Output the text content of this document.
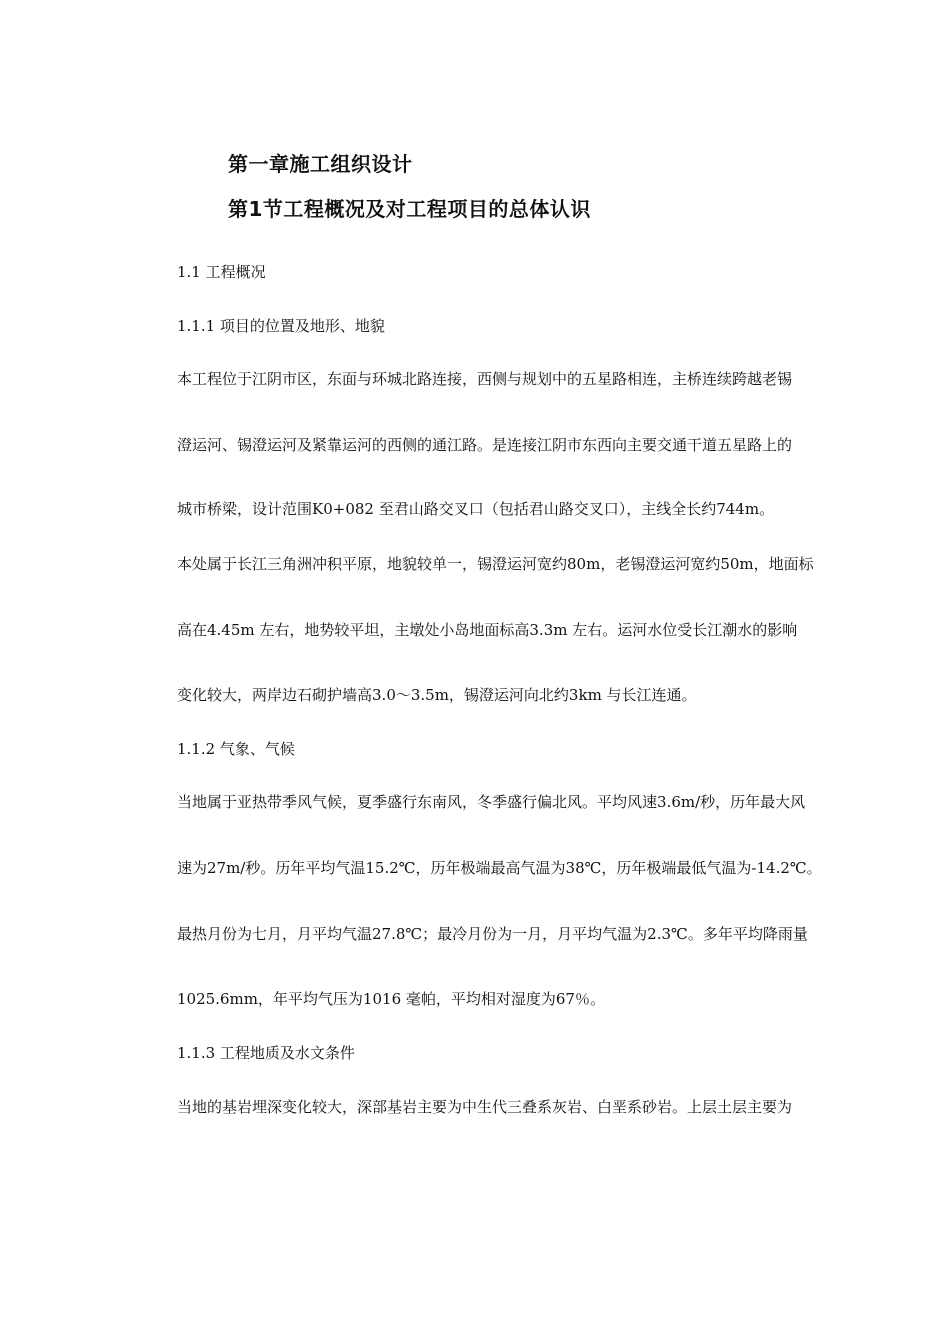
第一章施工组织设计
第1节工程概况及对工程项目的总体认识
1.1 工程概况
1.1.1 项目的位置及地形、地貌
本工程位于江阴市区，东面与环城北路连接，西侧与规划中的五星路相连，主桥连续跨越老锡
澄运河、锡澄运河及紧靠运河的西侧的通江路。是连接江阴市东西向主要交通干道五星路上的
城市桥梁，设计范围K0+082 至君山路交叉口（包括君山路交叉口），主线全长约744m。
本处属于长江三角洲冲积平原，地貌较单一，锡澄运河宽约80m，老锡澄运河宽约50m，地面标
高在4.45m 左右，地势较平坦，主墩处小岛地面标高3.3m 左右。运河水位受长江潮水的影响
变化较大，两岸边石砌护墙高3.0～3.5m，锡澄运河向北约3km 与长江连通。
1.1.2 气象、气候
当地属于亚热带季风气候，夏季盛行东南风，冬季盛行偏北风。平均风速3.6m/秒，历年最大风
速为27m/秒。历年平均气温15.2℃，历年极端最高气温为38℃，历年极端最低气温为-14.2℃。
最热月份为七月，月平均气温27.8℃；最冷月份为一月，月平均气温为2.3℃。多年平均降雨量
1025.6mm，年平均气压为1016 毫帕，平均相对湿度为67％。
1.1.3 工程地质及水文条件
当地的基岩埋深变化较大，深部基岩主要为中生代三叠系灰岩、白垩系砂岩。上层土层主要为
